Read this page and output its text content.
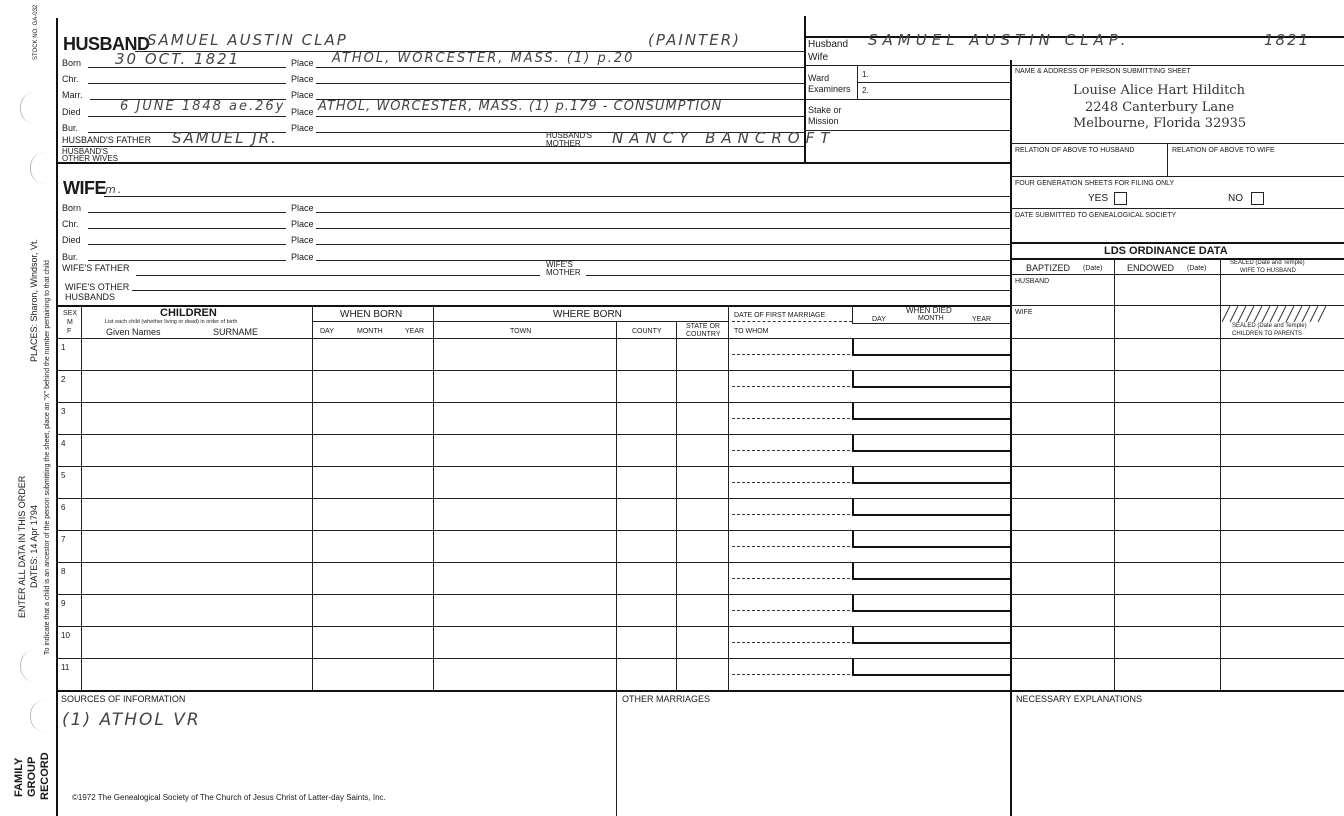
STOCK NO. GA-032
PLACES: Sharon, Windsor, Vt. To indicate that a child is an ancestor of the person submitting the sheet, place an "X" behind the number pertaining to that child
ENTER ALL DATA IN THIS ORDER DATES: 14 Apr 1794
FAMILY GROUP RECORD
HUSBAND
SAMUEL AUSTIN CLAP	(PAINTER)
Born 30 OCT. 1821	Place ATHOL, WORCESTER, MASS. (1) p.20
Chr.	Place
Marr.	Place
Died	6 JUNE 1848 ae.26y Place ATHOL, WORCESTER, MASS. (1) p.179 - CONSUMPTION
Bur.	Place
HUSBAND'S FATHER SAMUEL JR.	HUSBAND'S
MOTHER NANCY BANCROFT
HUSBAND'S
OTHER WIVES
Husband SAMUEL AUSTIN CLAP.	1821
Wife
Ward
Examiners
1.
2.
Stake or
Mission
NAME & ADDRESS OF PERSON SUBMITTING SHEET
Louise Alice Hart Hilditch
2248 Canterbury Lane
Melbourne, Florida 32935
RELATION OF ABOVE TO HUSBAND	RELATION OF ABOVE TO WIFE
FOUR GENERATION SHEETS FOR FILING ONLY
YES	NO
DATE SUBMITTED TO GENEALOGICAL SOCIETY
LDS ORDINANCE DATA
BAPTIZED (Date)	ENDOWED (Date)
SEALED (Date and Temple)
WIFE TO HUSBAND
HUSBAND
WIFE
SEALED (Date and Temple)
CHILDREN TO PARENTS
WIFE m.
Born	Place
Chr.	Place
Died	Place
Bur.	Place
WIFE'S FATHER	WIFE'S
MOTHER
WIFE'S OTHER
HUSBANDS
SEX
M
F
CHILDREN
List each child (whether living or dead) in order of birth
Given Names	SURNAME
WHEN BORN
DAY	MONTH	YEAR
WHERE BORN
TOWN	COUNTY
STATE OR
COUNTRY
DATE OF FIRST MARRIAGE
TO WHOM
WHEN DIED
DAY	MONTH	YEAR
1
2
3
4
5
6
7
8
9
10
11
SOURCES OF INFORMATION
(1) ATHOL VR
OTHER MARRIAGES	NECESSARY EXPLANATIONS
©1972 The Genealogical Society of The Church of Jesus Christ of Latter-day Saints, Inc.
